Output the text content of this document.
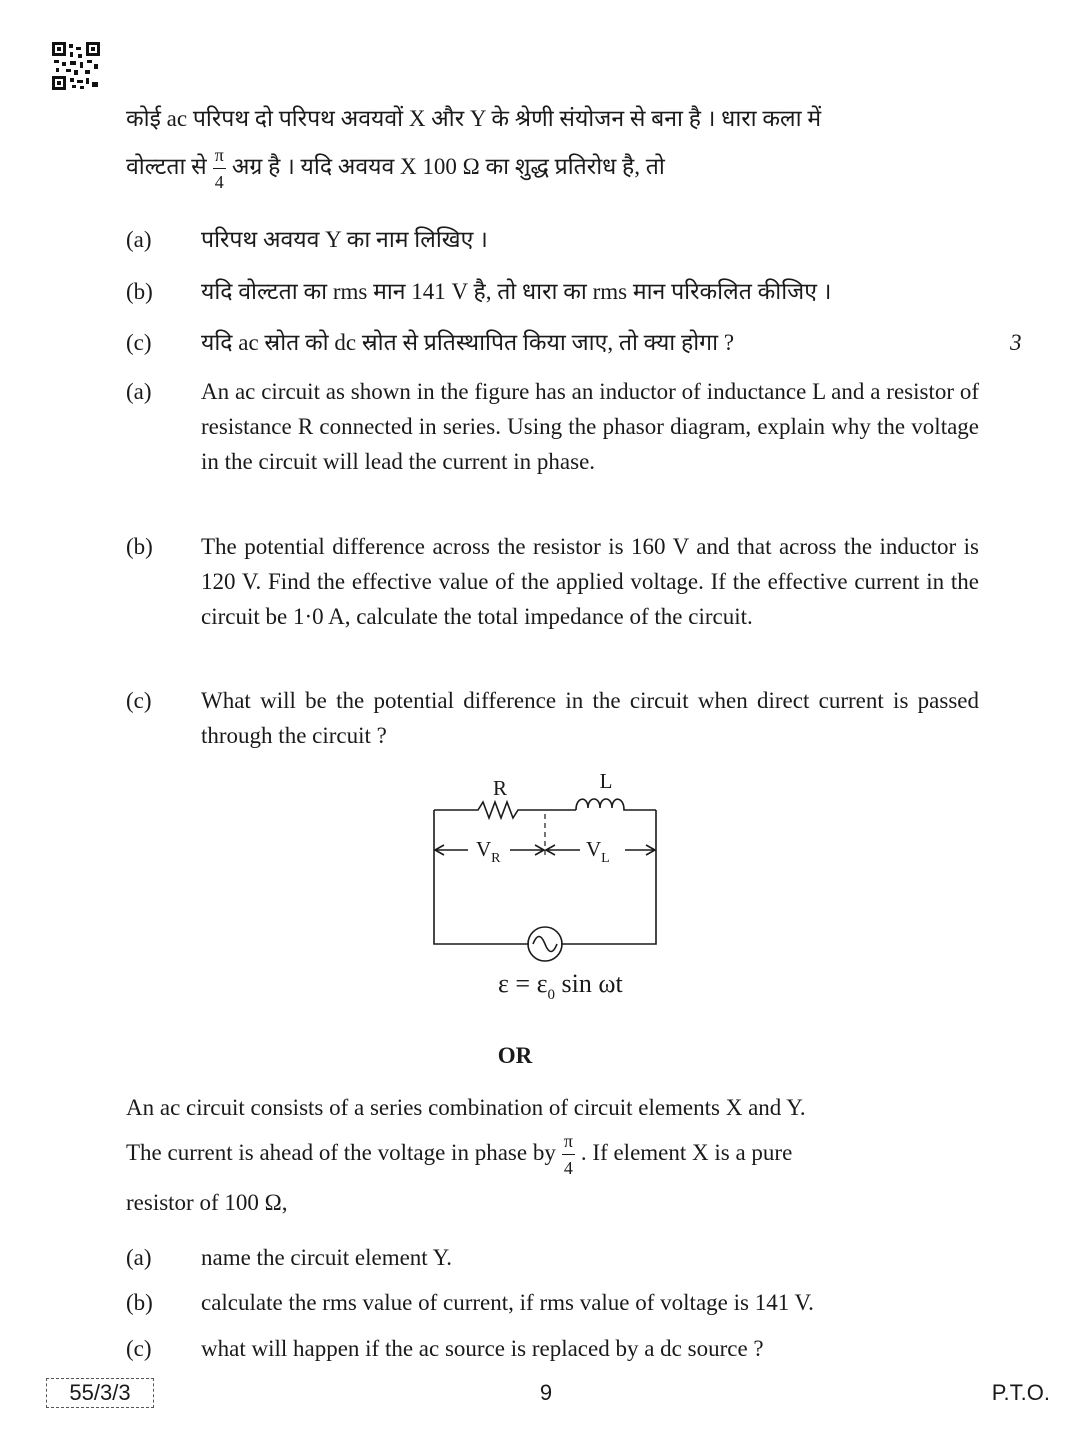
कोई ac परिपथ दो परिपथ अवयवों X और Y के श्रेणी संयोजन से बना है । धारा कला में
वोल्टता से $\frac{\pi}{4}$ अग्र है । यदि अवयव X 100 Ω का शुद्ध प्रतिरोध है, तो
(a)	परिपथ अवयव Y का नाम लिखिए ।
(b)	यदि वोल्टता का rms मान 141 V है, तो धारा का rms मान परिकलित कीजिए ।
(c)	यदि ac स्रोत को dc स्रोत से प्रतिस्थापित किया जाए, तो क्या होगा ?	3
(a)	An ac circuit as shown in the figure has an inductor of inductance L and a resistor of resistance R connected in series. Using the phasor diagram, explain why the voltage in the circuit will lead the current in phase.
(b)	The potential difference across the resistor is 160 V and that across the inductor is 120 V. Find the effective value of the applied voltage. If the effective current in the circuit be 1·0 A, calculate the total impedance of the circuit.
(c)	What will be the potential difference in the circuit when direct current is passed through the circuit ?
R	L
$V_R$	$V_L$
$\varepsilon = \varepsilon_0$ sin ωt
OR
An ac circuit consists of a series combination of circuit elements X and Y.
The current is ahead of the voltage in phase by $\frac{\pi}{4}$ . If element X is a pure
resistor of 100 Ω,
(a)	name the circuit element Y.
(b)	calculate the rms value of current, if rms value of voltage is 141 V.
(c)	what will happen if the ac source is replaced by a dc source ?
55/3/3	9	P.T.O.
